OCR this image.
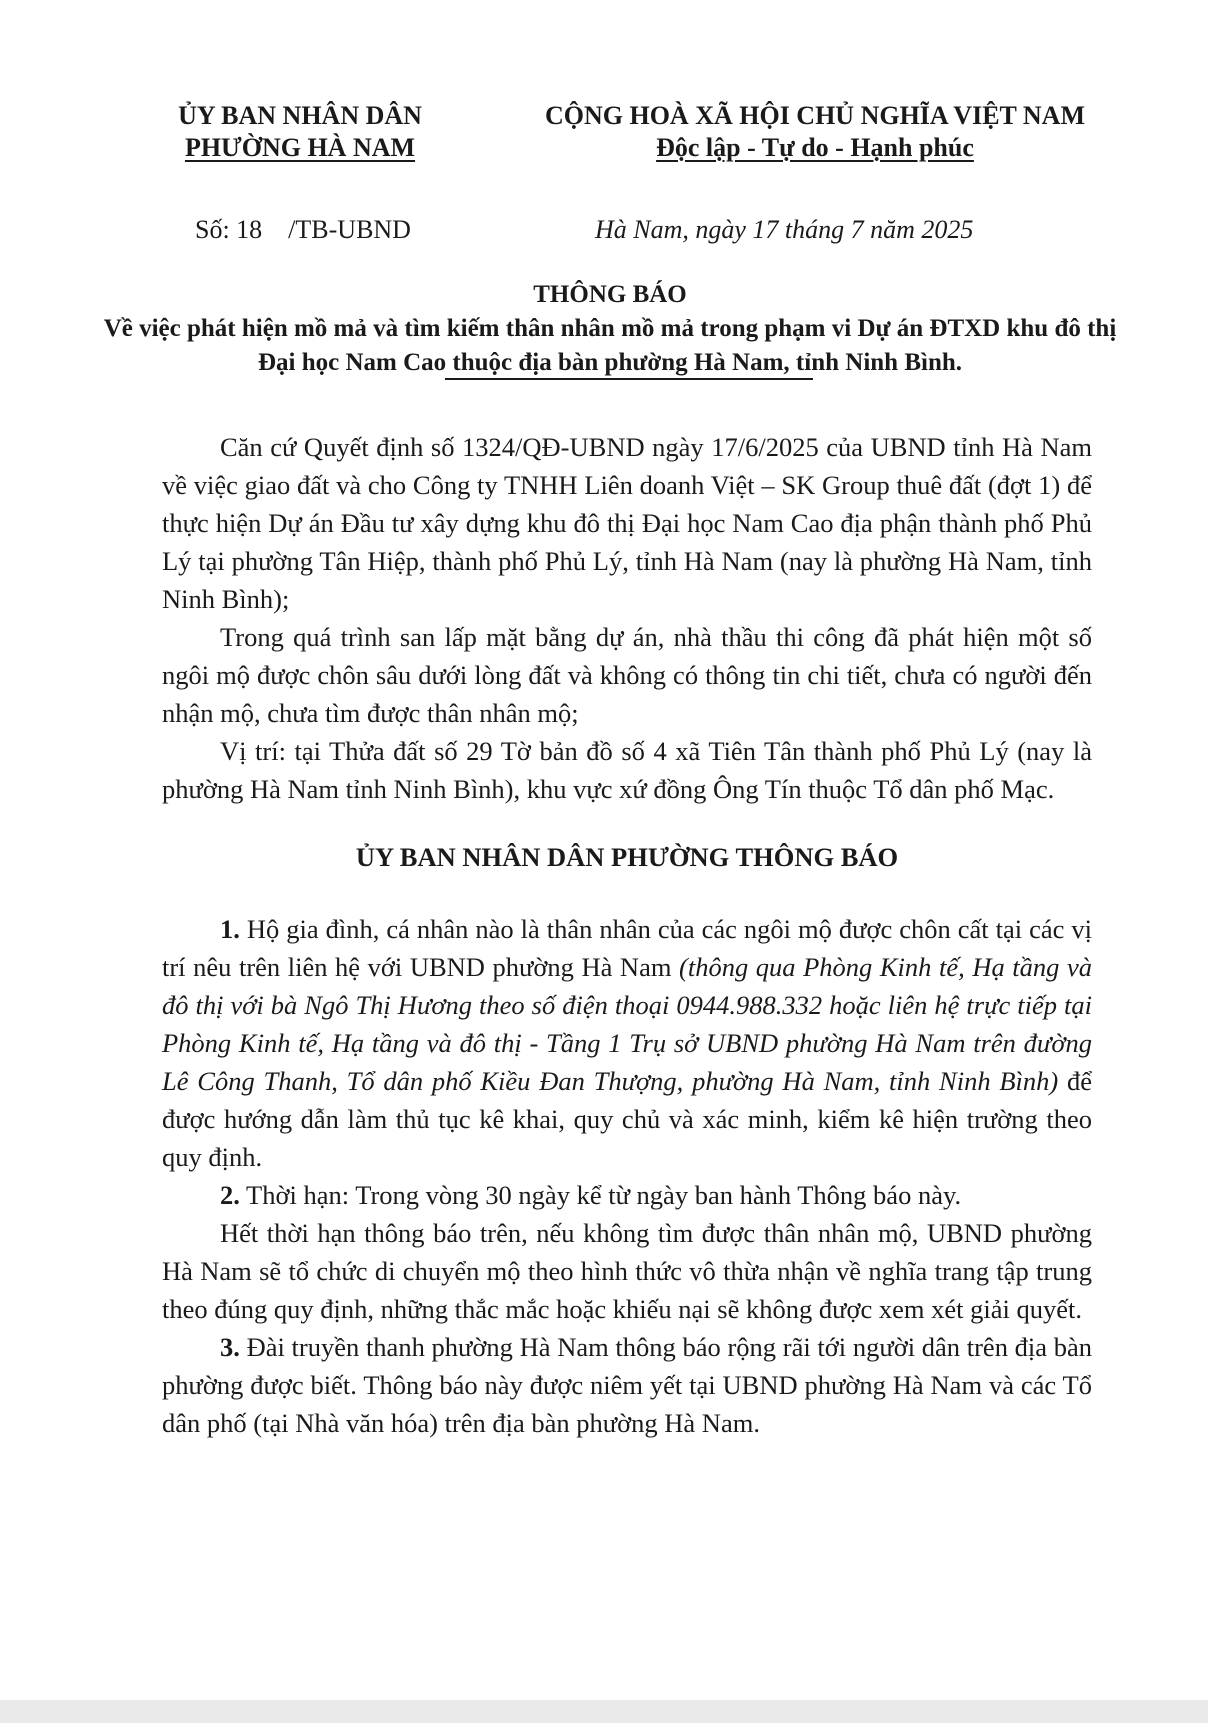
ỦY BAN NHÂN DÂN
PHƯỜNG HÀ NAM
CỘNG HOÀ XÃ HỘI CHỦ NGHĨA VIỆT NAM
Độc lập - Tự do - Hạnh phúc
Số: 18    /TB-UBND	Hà Nam, ngày 17 tháng 7 năm 2025
THÔNG BÁO
Về việc phát hiện mồ mả và tìm kiếm thân nhân mồ mả trong phạm vi Dự án ĐTXD khu đô thị Đại học Nam Cao thuộc địa bàn phường Hà Nam, tỉnh Ninh Bình.

Căn cứ Quyết định số 1324/QĐ-UBND ngày 17/6/2025 của UBND tỉnh Hà Nam về việc giao đất và cho Công ty TNHH Liên doanh Việt – SK Group thuê đất (đợt 1) để thực hiện Dự án Đầu tư xây dựng khu đô thị Đại học Nam Cao địa phận thành phố Phủ Lý tại phường Tân Hiệp, thành phố Phủ Lý, tỉnh Hà Nam (nay là phường Hà Nam, tỉnh Ninh Bình);

Trong quá trình san lấp mặt bằng dự án, nhà thầu thi công đã phát hiện một số ngôi mộ được chôn sâu dưới lòng đất và không có thông tin chi tiết, chưa có người đến nhận mộ, chưa tìm được thân nhân mộ;

Vị trí: tại Thửa đất số 29 Tờ bản đồ số 4 xã Tiên Tân thành phố Phủ Lý (nay là phường Hà Nam tỉnh Ninh Bình), khu vực xứ đồng Ông Tín thuộc Tổ dân phố Mạc.

ỦY BAN NHÂN DÂN PHƯỜNG THÔNG BÁO

1. Hộ gia đình, cá nhân nào là thân nhân của các ngôi mộ được chôn cất tại các vị trí nêu trên liên hệ với UBND phường Hà Nam (thông qua Phòng Kinh tế, Hạ tầng và đô thị với bà Ngô Thị Hương theo số điện thoại 0944.988.332 hoặc liên hệ trực tiếp tại Phòng Kinh tế, Hạ tầng và đô thị - Tầng 1 Trụ sở UBND phường Hà Nam trên đường Lê Công Thanh, Tổ dân phố Kiều Đan Thượng, phường Hà Nam, tỉnh Ninh Bình) để được hướng dẫn làm thủ tục kê khai, quy chủ và xác minh, kiểm kê hiện trường theo quy định.

2. Thời hạn: Trong vòng 30 ngày kể từ ngày ban hành Thông báo này.

Hết thời hạn thông báo trên, nếu không tìm được thân nhân mộ, UBND phường Hà Nam sẽ tổ chức di chuyển mộ theo hình thức vô thừa nhận về nghĩa trang tập trung theo đúng quy định, những thắc mắc hoặc khiếu nại sẽ không được xem xét giải quyết.

3. Đài truyền thanh phường Hà Nam thông báo rộng rãi tới người dân trên địa bàn phường được biết. Thông báo này được niêm yết tại UBND phường Hà Nam và các Tổ dân phố (tại Nhà văn hóa) trên địa bàn phường Hà Nam.
